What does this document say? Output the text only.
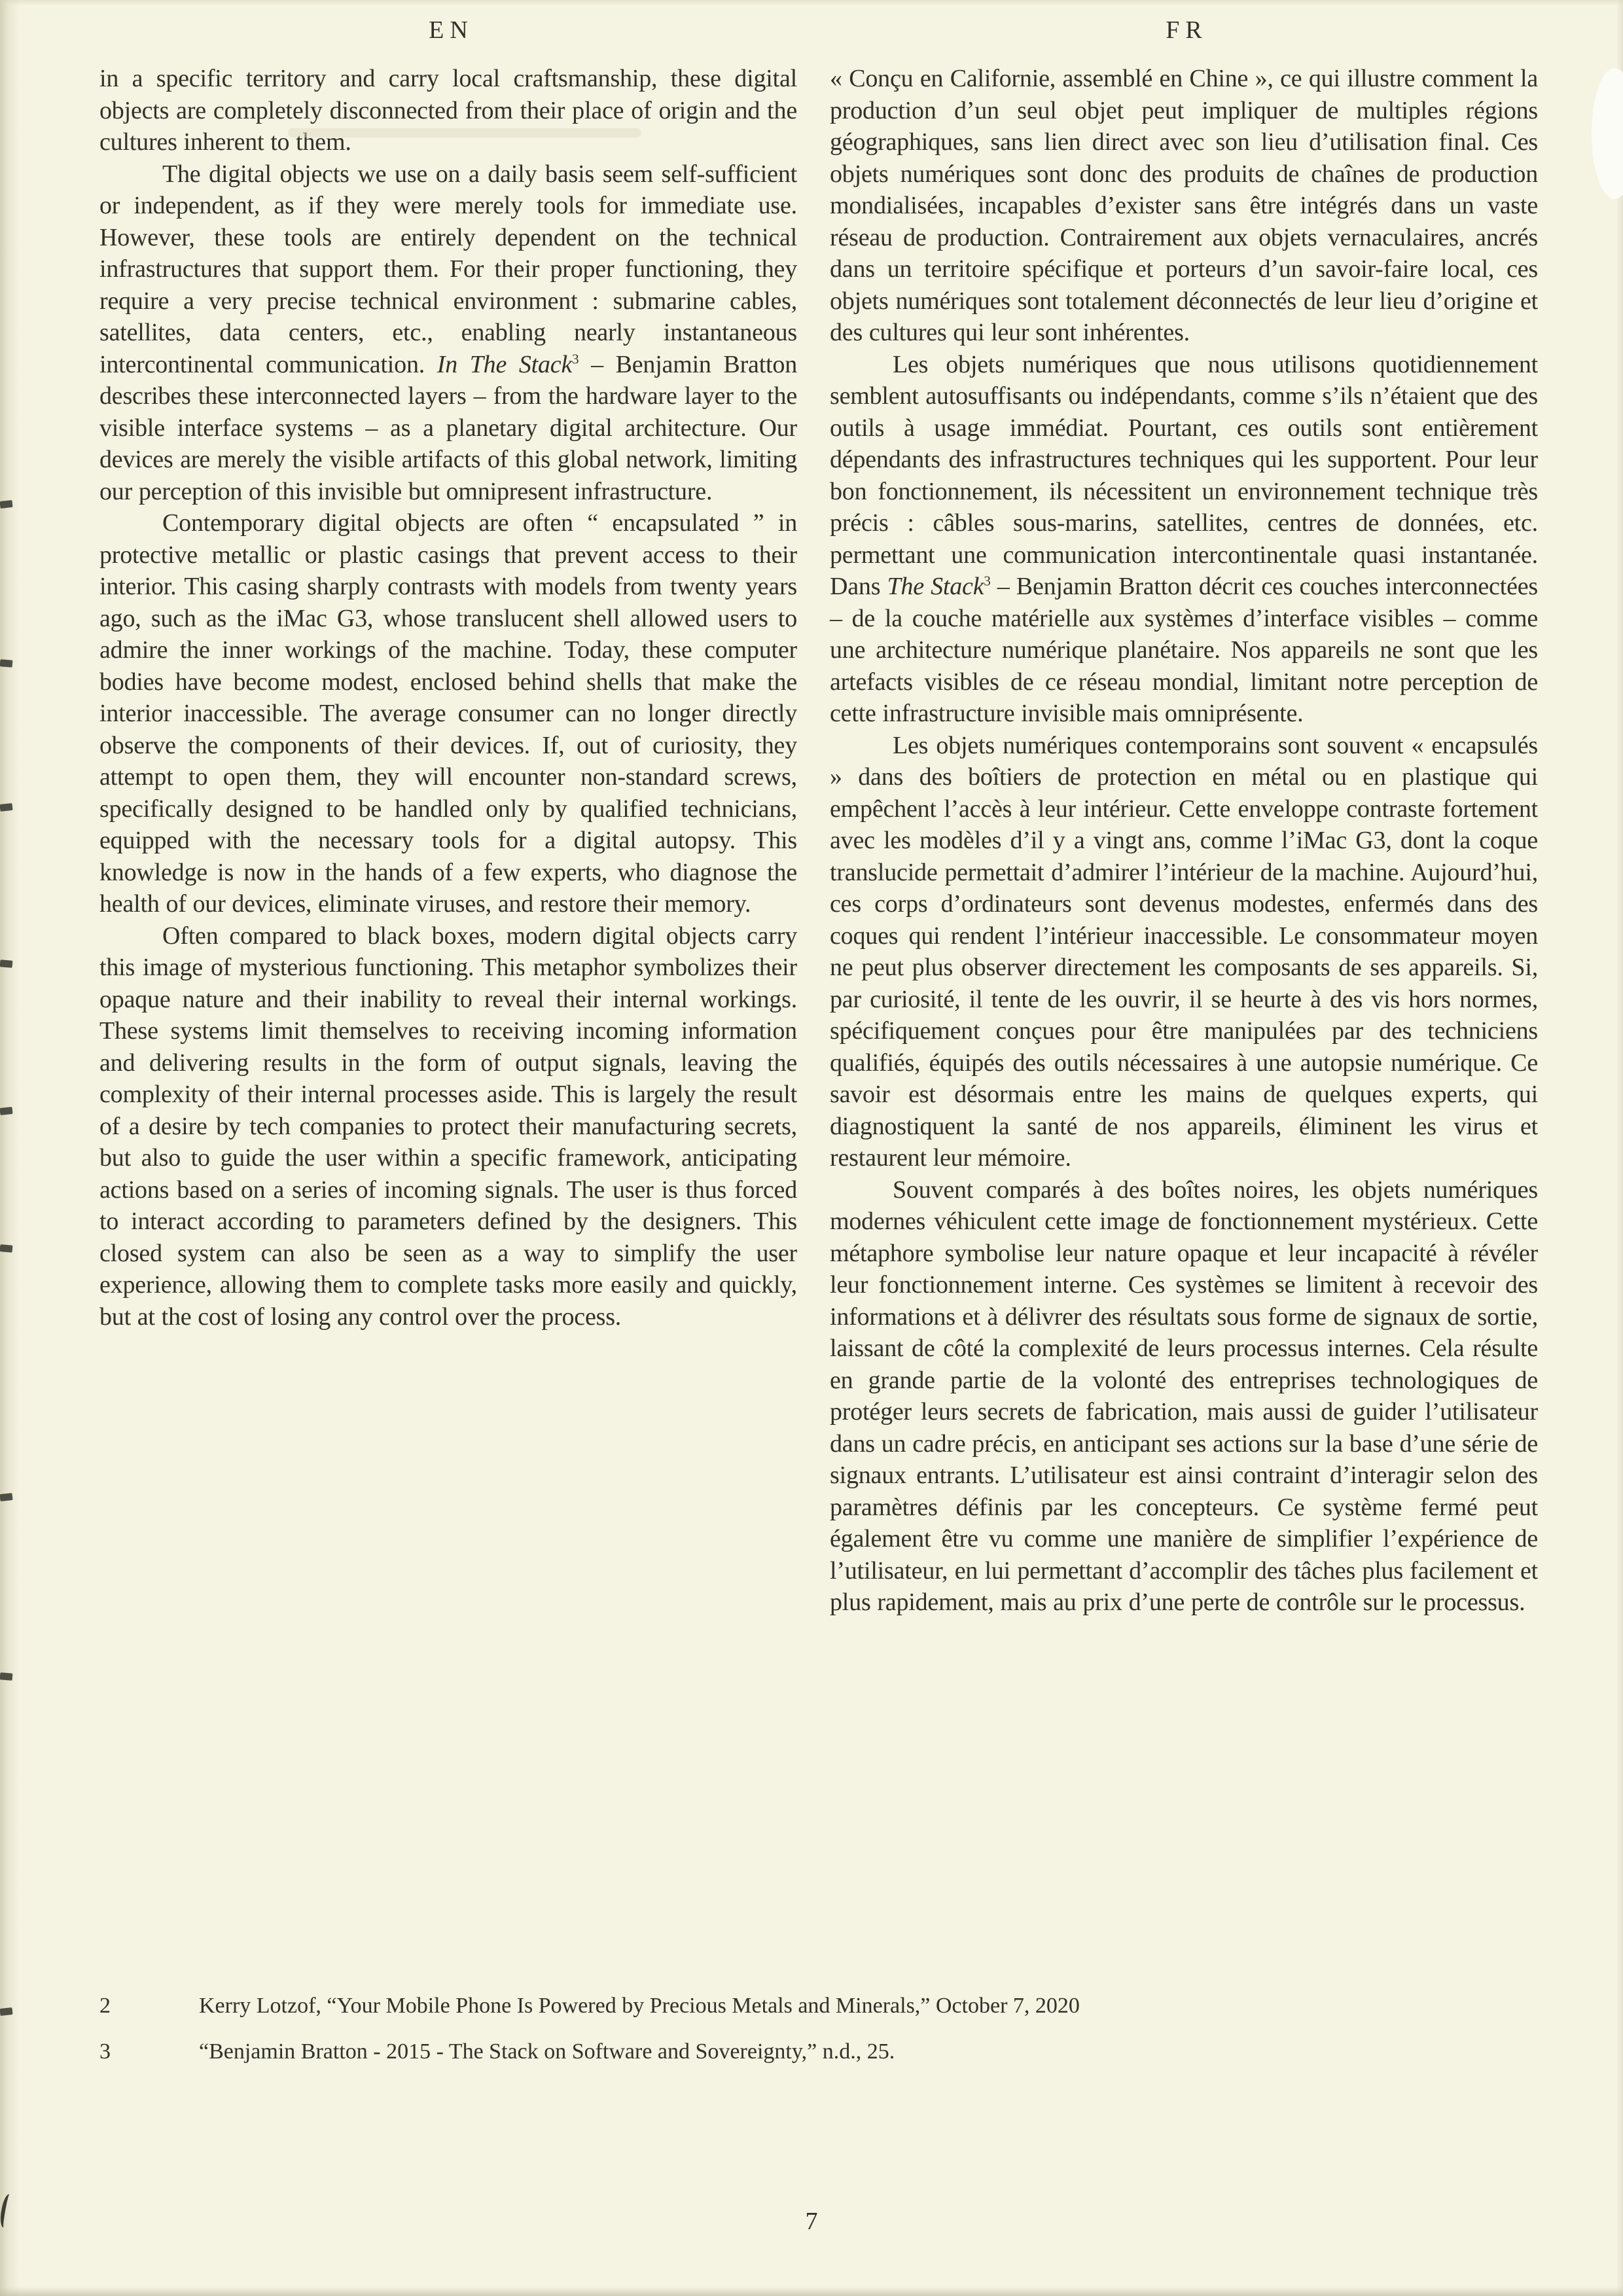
EN

in a specific territory and carry local craftsmanship, these digital objects are completely disconnected from their place of origin and the cultures inherent to them.

The digital objects we use on a daily basis seem self-sufficient or independent, as if they were merely tools for immediate use. However, these tools are entirely dependent on the technical infrastructures that support them. For their proper functioning, they require a very precise technical environment : submarine cables, satellites, data centers, etc., enabling nearly instantaneous intercontinental communication. In The Stack$^3$ – Benjamin Bratton describes these interconnected layers – from the hardware layer to the visible interface systems – as a planetary digital architecture. Our devices are merely the visible artifacts of this global network, limiting our perception of this invisible but omnipresent infrastructure.

Contemporary digital objects are often “ encapsulated ” in protective metallic or plastic casings that prevent access to their interior. This casing sharply contrasts with models from twenty years ago, such as the iMac G3, whose translucent shell allowed users to admire the inner workings of the machine. Today, these computer bodies have become modest, enclosed behind shells that make the interior inaccessible. The average consumer can no longer directly observe the components of their devices. If, out of curiosity, they attempt to open them, they will encounter non-standard screws, specifically designed to be handled only by qualified technicians, equipped with the necessary tools for a digital autopsy. This knowledge is now in the hands of a few experts, who diagnose the health of our devices, eliminate viruses, and restore their memory.

Often compared to black boxes, modern digital objects carry this image of mysterious functioning. This metaphor symbolizes their opaque nature and their inability to reveal their internal workings. These systems limit themselves to receiving incoming information and delivering results in the form of output signals, leaving the complexity of their internal processes aside. This is largely the result of a desire by tech companies to protect their manufacturing secrets, but also to guide the user within a specific framework, anticipating actions based on a series of incoming signals. The user is thus forced to interact according to parameters defined by the designers. This closed system can also be seen as a way to simplify the user experience, allowing them to complete tasks more easily and quickly, but at the cost of losing any control over the process.

FR

« Conçu en Californie, assemblé en Chine », ce qui illustre comment la production d’un seul objet peut impliquer de multiples régions géographiques, sans lien direct avec son lieu d’utilisation final. Ces objets numériques sont donc des produits de chaînes de production mondialisées, incapables d’exister sans être intégrés dans un vaste réseau de production. Contrairement aux objets vernaculaires, ancrés dans un territoire spécifique et porteurs d’un savoir-faire local, ces objets numériques sont totalement déconnectés de leur lieu d’origine et des cultures qui leur sont inhérentes.

Les objets numériques que nous utilisons quotidiennement semblent autosuffisants ou indépendants, comme s’ils n’étaient que des outils à usage immédiat. Pourtant, ces outils sont entièrement dépendants des infrastructures techniques qui les supportent. Pour leur bon fonctionnement, ils nécessitent un environnement technique très précis : câbles sous-marins, satellites, centres de données, etc. permettant une communication intercontinentale quasi instantanée. Dans The Stack$^3$ – Benjamin Bratton décrit ces couches interconnectées – de la couche matérielle aux systèmes d’interface visibles – comme une architecture numérique planétaire. Nos appareils ne sont que les artefacts visibles de ce réseau mondial, limitant notre perception de cette infrastructure invisible mais omniprésente.

Les objets numériques contemporains sont souvent « encapsulés » dans des boîtiers de protection en métal ou en plastique qui empêchent l’accès à leur intérieur. Cette enveloppe contraste fortement avec les modèles d’il y a vingt ans, comme l’iMac G3, dont la coque translucide permettait d’admirer l’intérieur de la machine. Aujourd’hui, ces corps d’ordinateurs sont devenus modestes, enfermés dans des coques qui rendent l’intérieur inaccessible. Le consommateur moyen ne peut plus observer directement les composants de ses appareils. Si, par curiosité, il tente de les ouvrir, il se heurte à des vis hors normes, spécifiquement conçues pour être manipulées par des techniciens qualifiés, équipés des outils nécessaires à une autopsie numérique. Ce savoir est désormais entre les mains de quelques experts, qui diagnostiquent la santé de nos appareils, éliminent les virus et restaurent leur mémoire.

Souvent comparés à des boîtes noires, les objets numériques modernes véhiculent cette image de fonctionnement mystérieux. Cette métaphore symbolise leur nature opaque et leur incapacité à révéler leur fonctionnement interne. Ces systèmes se limitent à recevoir des informations et à délivrer des résultats sous forme de signaux de sortie, laissant de côté la complexité de leurs processus internes. Cela résulte en grande partie de la volonté des entreprises technologiques de protéger leurs secrets de fabrication, mais aussi de guider l’utilisateur dans un cadre précis, en anticipant ses actions sur la base d’une série de signaux entrants. L’utilisateur est ainsi contraint d’interagir selon des paramètres définis par les concepteurs. Ce système fermé peut également être vu comme une manière de simplifier l’expérience de l’utilisateur, en lui permettant d’accomplir des tâches plus facilement et plus rapidement, mais au prix d’une perte de contrôle sur le processus.

2	Kerry Lotzof, “Your Mobile Phone Is Powered by Precious Metals and Minerals,” October 7, 2020
3	“Benjamin Bratton - 2015 - The Stack on Software and Sovereignty,” n.d., 25.
7
